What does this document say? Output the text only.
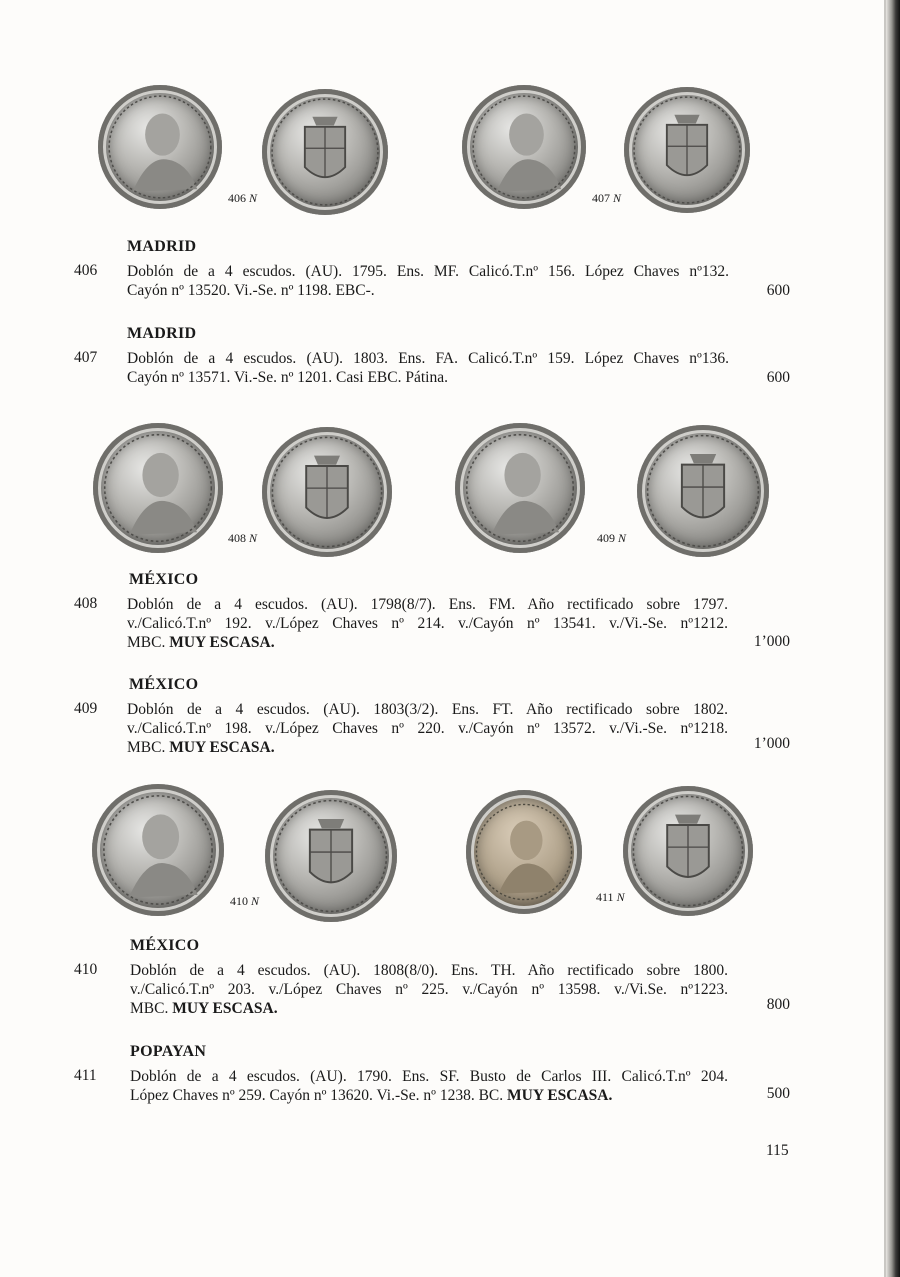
406 N	407 N
MADRID
406 Doblón de a 4 escudos. (AU). 1795. Ens. MF. Calicó.T.nº 156. López Chaves nº132.
Cayón nº 13520. Vi.-Se. nº 1198. EBC-.	600
MADRID
407 Doblón de a 4 escudos. (AU). 1803. Ens. FA. Calicó.T.nº 159. López Chaves nº136.
Cayón nº 13571. Vi.-Se. nº 1201. Casi EBC. Pátina.	600
408 N	409 N
MÉXICO
408 Doblón de a 4 escudos. (AU). 1798(8/7). Ens. FM. Año rectificado sobre 1797.
v./Calicó.T.nº 192. v./López Chaves nº 214. v./Cayón nº 13541. v./Vi.-Se. nº1212.
MBC. MUY ESCASA.	1’000
MÉXICO
409 Doblón de a 4 escudos. (AU). 1803(3/2). Ens. FT. Año rectificado sobre 1802.
v./Calicó.T.nº 198. v./López Chaves nº 220. v./Cayón nº 13572. v./Vi.-Se. nº1218.
MBC. MUY ESCASA.	1’000
410 N	411 N
MÉXICO
410 Doblón de a 4 escudos. (AU). 1808(8/0). Ens. TH. Año rectificado sobre 1800.
v./Calicó.T.nº 203. v./López Chaves nº 225. v./Cayón nº 13598. v./Vi.Se. nº1223.
MBC. MUY ESCASA.	800
POPAYAN
411 Doblón de a 4 escudos. (AU). 1790. Ens. SF. Busto de Carlos III. Calicó.T.nº 204.
López Chaves nº 259. Cayón nº 13620. Vi.-Se. nº 1238. BC. MUY ESCASA.	500
115
